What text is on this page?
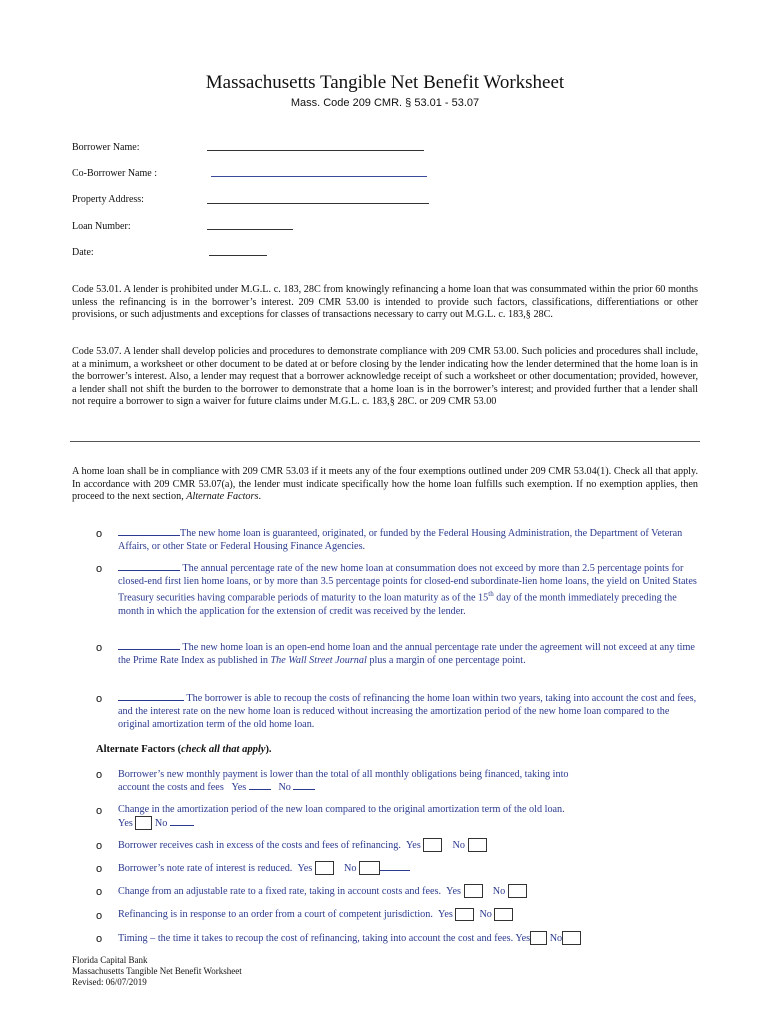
Massachusetts Tangible Net Benefit Worksheet
Mass. Code 209 CMR. § 53.01 - 53.07
Borrower Name:
Co-Borrower Name :
Property Address:
Loan Number:
Date:
Code 53.01. A lender is prohibited under M.G.L. c. 183, 28C from knowingly refinancing a home loan that was consummated within the prior 60 months unless the refinancing is in the borrower’s interest. 209 CMR 53.00 is intended to provide such factors, classifications, differentiations or other provisions, or such adjustments and exceptions for classes of transactions necessary to carry out M.G.L. c. 183,§ 28C.
Code 53.07. A lender shall develop policies and procedures to demonstrate compliance with 209 CMR 53.00. Such policies and procedures shall include, at a minimum, a worksheet or other document to be dated at or before closing by the lender indicating how the lender determined that the home loan is in the borrower’s interest. Also, a lender may request that a borrower acknowledge receipt of such a worksheet or other documentation; provided, however, a lender shall not shift the burden to the borrower to demonstrate that a home loan is in the borrower’s interest; and provided further that a lender shall not require a borrower to sign a waiver for future claims under M.G.L. c. 183,§ 28C. or 209 CMR 53.00
A home loan shall be in compliance with 209 CMR 53.03 if it meets any of the four exemptions outlined under 209 CMR 53.04(1). Check all that apply. In accordance with 209 CMR 53.07(a), the lender must indicate specifically how the home loan fulfills such exemption. If no exemption applies, then proceed to the next section, Alternate Factors.
o	The new home loan is guaranteed, originated, or funded by the Federal Housing Administration, the Department of Veteran Affairs, or other State or Federal Housing Finance Agencies.
o	The annual percentage rate of the new home loan at consummation does not exceed by more than 2.5 percentage points for closed-end first lien home loans, or by more than 3.5 percentage points for closed-end subordinate-lien home loans, the yield on United States Treasury securities having comparable periods of maturity to the loan maturity as of the 15th day of the month immediately preceding the month in which the application for the extension of credit was received by the lender.
o	The new home loan is an open-end home loan and the annual percentage rate under the agreement will not exceed at any time the Prime Rate Index as published in The Wall Street Journal plus a margin of one percentage point.
o	The borrower is able to recoup the costs of refinancing the home loan within two years, taking into account the cost and fees, and the interest rate on the new home loan is reduced without increasing the amortization period of the new home loan compared to the original amortization term of the old home loan.
Alternate Factors (check all that apply).
o Borrower’s new monthly payment is lower than the total of all monthly obligations being financed, taking into
account the costs and fees Yes	No
o Change in the amortization period of the new loan compared to the original amortization term of the old loan.
Yes No
o Borrower receives cash in excess of the costs and fees of refinancing. Yes	No
o Borrower’s note rate of interest is reduced. Yes	No
o Change from an adjustable rate to a fixed rate, taking in account costs and fees. Yes	No
o Refinancing is in response to an order from a court of competent jurisdiction. Yes	No
o Timing – the time it takes to recoup the cost of refinancing, taking into account the cost and fees. Yes No
Florida Capital Bank
Massachusetts Tangible Net Benefit Worksheet
Revised: 06/07/2019
